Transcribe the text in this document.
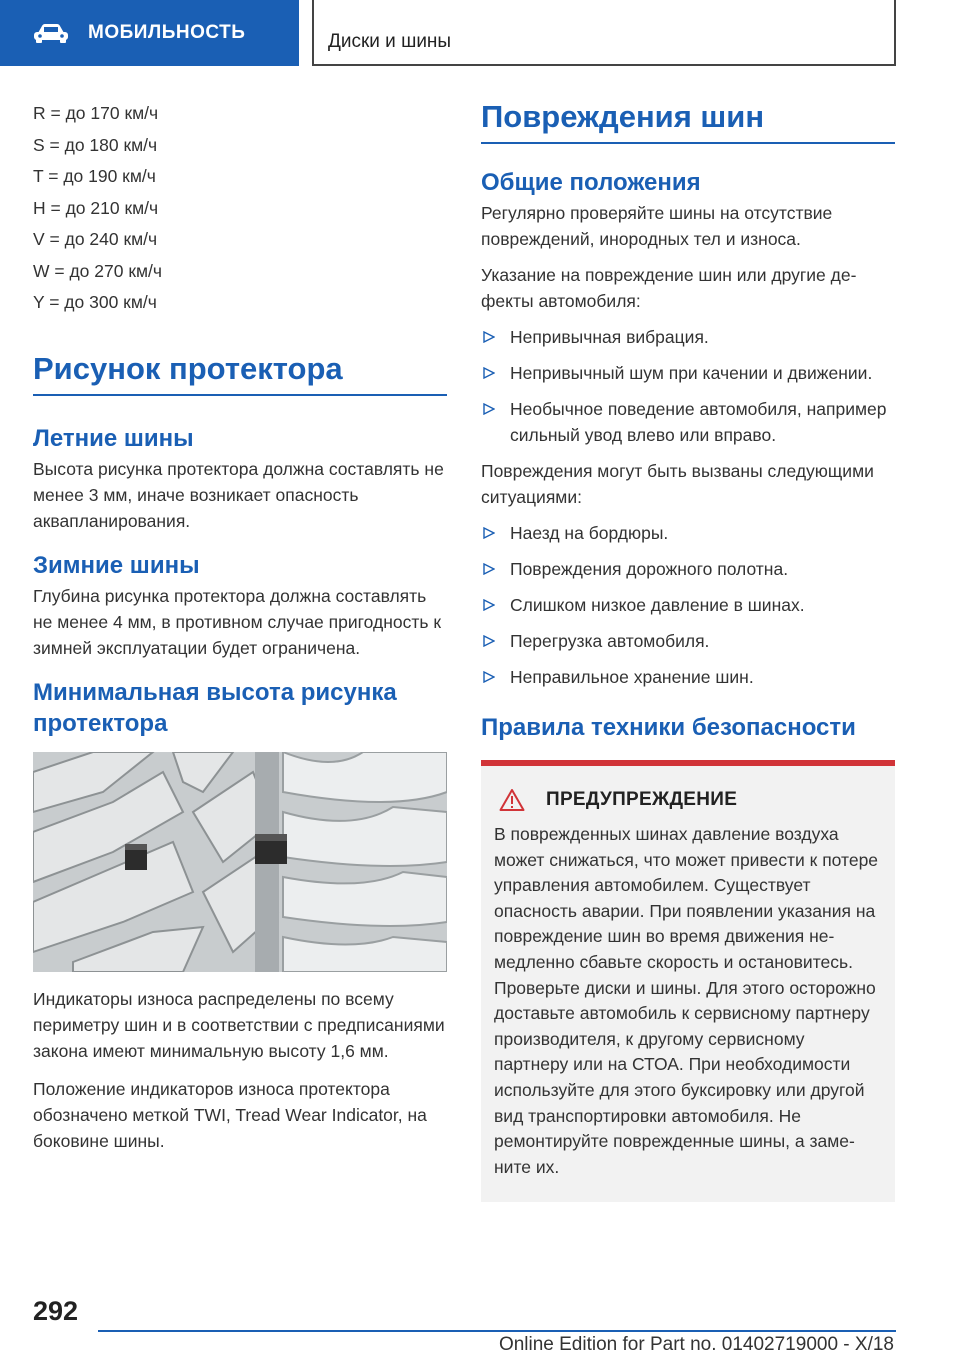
МОБИЛЬНОСТЬ	Диски и шины
R = до 170 км/ч
S = до 180 км/ч
T = до 190 км/ч
H = до 210 км/ч
V = до 240 км/ч
W = до 270 км/ч
Y = до 300 км/ч
Рисунок протектора
Летние шины

Высота рисунка протектора должна составлять не менее 3 мм, иначе возникает опасность аквапланирования.

Зимние шины

Глубина рисунка протектора должна составлять не менее 4 мм, в противном случае пригодность к зимней эксплуатации будет ограничена.

Минимальная высота рисунка протектора

Индикаторы износа распределены по всему периметру шин и в соответствии с предписаниями закона имеют минимальную высоту 1,6 мм.

Положение индикаторов износа протектора обозначено меткой TWI, Tread Wear Indicator, на боковине шины.

Повреждения шин
Общие положения

Регулярно проверяйте шины на отсутствие повреждений, инородных тел и износа.

Указание на повреждение шин или другие дефекты автомобиля:

Непривычная вибрация.
Непривычный шум при качении и движении.
Необычное поведение автомобиля, например сильный увод влево или вправо.

Повреждения могут быть вызваны следующими ситуациями:

Наезд на бордюры.
Повреждения дорожного полотна.
Слишком низкое давление в шинах.
Перегрузка автомобиля.
Неправильное хранение шин.
Правила техники безопасности
ПРЕДУПРЕЖДЕНИЕ

В поврежденных шинах давление воздуха может снижаться, что может привести к потере управления автомобилем. Существует опасность аварии. При появлении указания на повреждение шин во время движения немедленно сбавьте скорость и остановитесь. Проверьте диски и шины. Для этого осторожно доставьте автомобиль к сервисному партнеру производителя, к другому сервисному партнеру или на СТОА. При необходимости используйте для этого буксировку или другой вид транспортировки автомобиля. Не ремонтируйте поврежденные шины, а замените их.

292
Online Edition for Part no. 01402719000 - X/18
